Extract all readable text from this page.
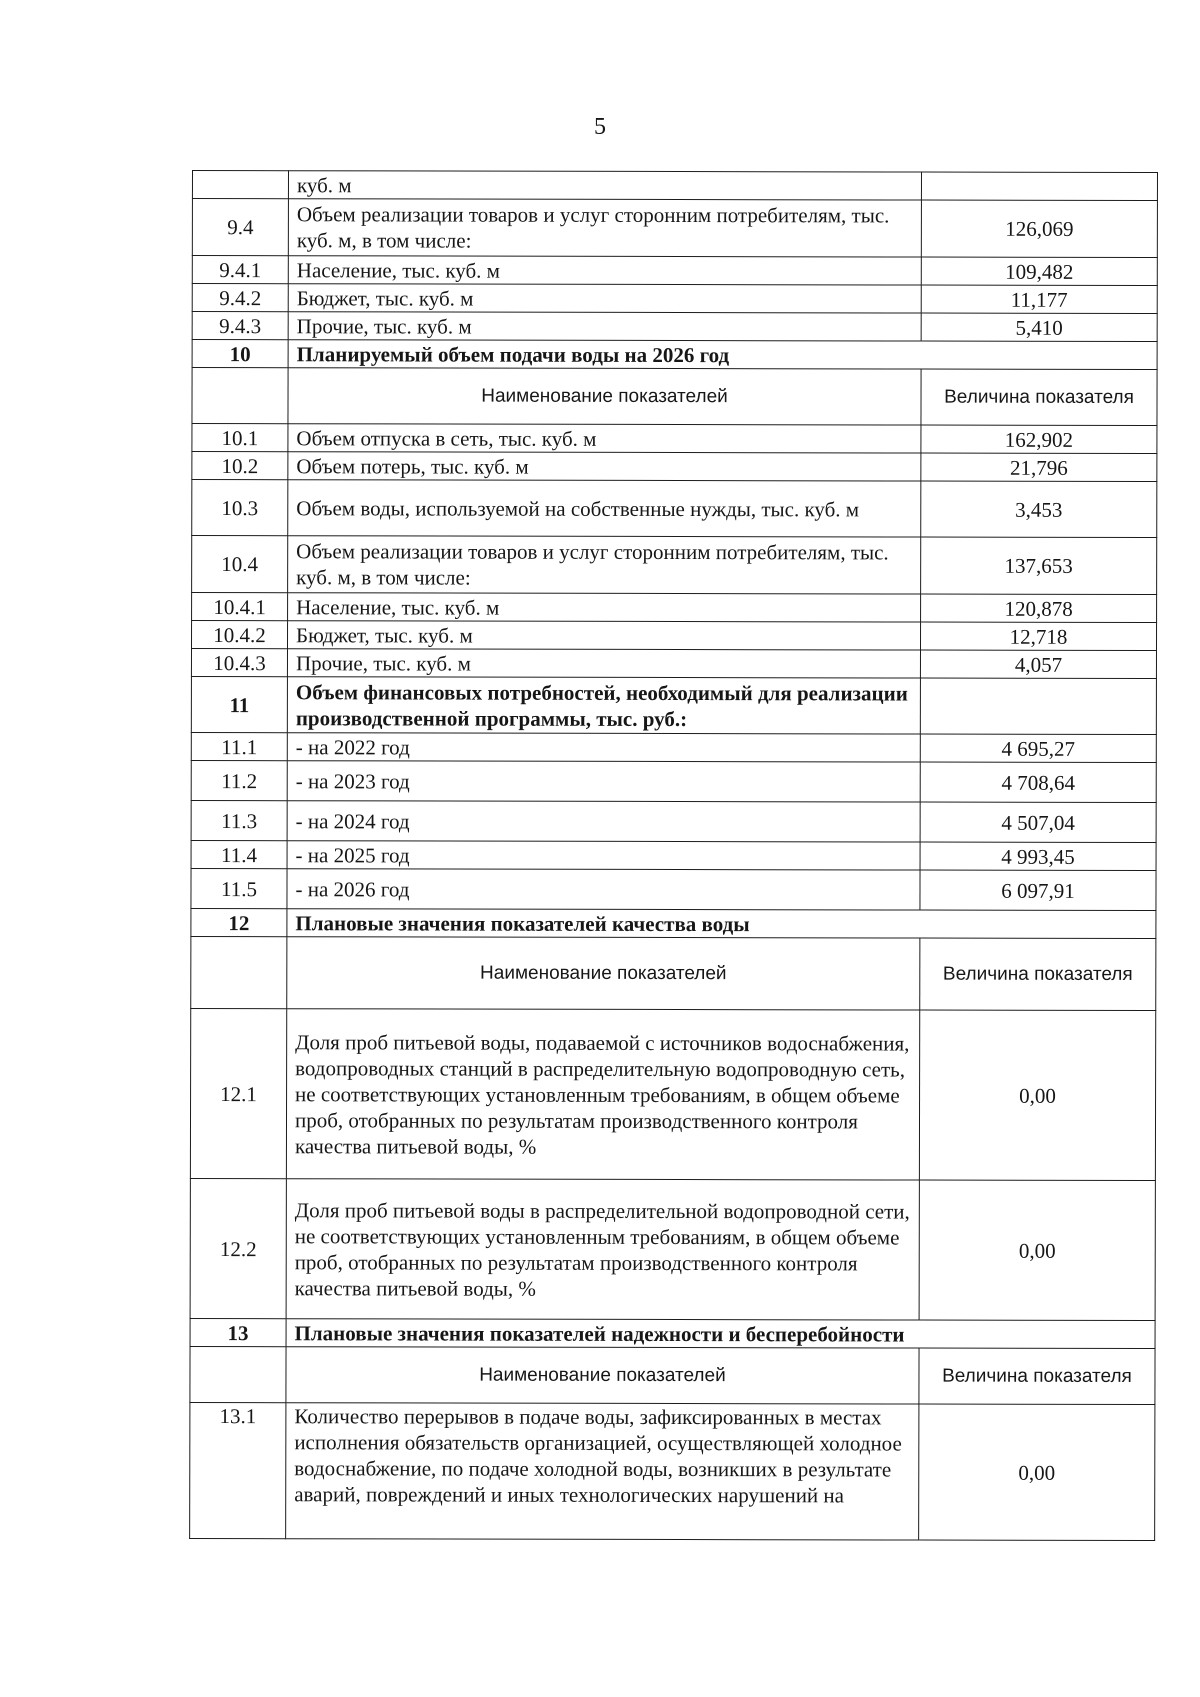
5
	куб. м	
9.4	Объем реализации товаров и услуг сторонним потребителям, тыс. куб. м, в том числе:	126,069
9.4.1	Население, тыс. куб. м	109,482
9.4.2	Бюджет, тыс. куб. м	11,177
9.4.3	Прочие, тыс. куб. м	5,410
10	Планируемый объем подачи воды на 2026 год	
	Наименование показателей	Величина показателя
10.1	Объем отпуска в сеть, тыс. куб. м	162,902
10.2	Объем потерь, тыс. куб. м	21,796
10.3	Объем воды, используемой на собственные нужды, тыс. куб. м	3,453
10.4	Объем реализации товаров и услуг сторонним потребителям, тыс. куб. м, в том числе:	137,653
10.4.1	Население, тыс. куб. м	120,878
10.4.2	Бюджет, тыс. куб. м	12,718
10.4.3	Прочие, тыс. куб. м	4,057
11	Объем финансовых потребностей, необходимый для реализации производственной программы, тыс. руб.:	
11.1	- на 2022 год	4 695,27
11.2	- на 2023 год	4 708,64
11.3	- на 2024 год	4 507,04
11.4	- на 2025 год	4 993,45
11.5	- на 2026 год	6 097,91
12	Плановые значения показателей качества воды	
	Наименование показателей	Величина показателя
12.1	Доля проб питьевой воды, подаваемой с источников водоснабжения, водопроводных станций в распределительную водопроводную сеть, не соответствующих установленным требованиям, в общем объеме проб, отобранных по результатам производственного контроля качества питьевой воды, %	0,00
12.2	Доля проб питьевой воды в распределительной водопроводной сети, не соответствующих установленным требованиям, в общем объеме проб, отобранных по результатам производственного контроля качества питьевой воды, %	0,00
13	Плановые значения показателей надежности и бесперебойности	
	Наименование показателей	Величина показателя
13.1	Количество перерывов в подаче воды, зафиксированных в местах исполнения обязательств организацией, осуществляющей холодное водоснабжение, по подаче холодной воды, возникших в результате аварий, повреждений и иных технологических нарушений на	0,00
